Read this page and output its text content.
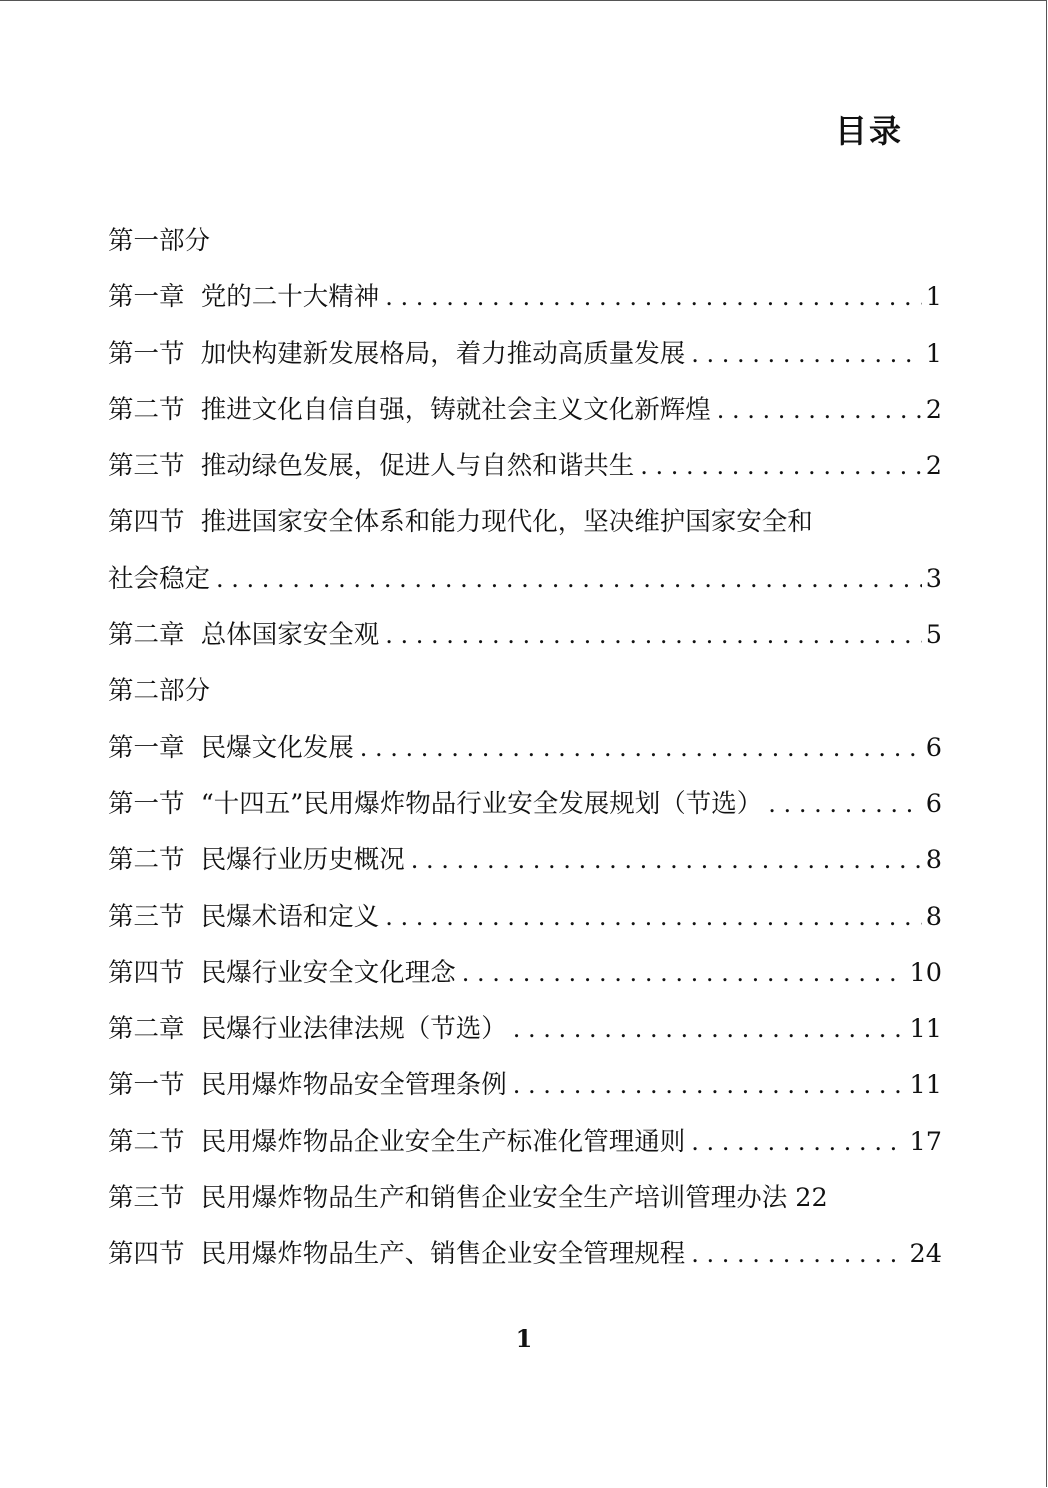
目录
第一部分
第一章  党的二十大精神 . . .	1
第一节  加快构建新发展格局，着力推动高质量发展 . . .	1
第二节  推进文化自信自强，铸就社会主义文化新辉煌 . . .	2
第三节  推动绿色发展，促进人与自然和谐共生 . . .	2
第四节  推进国家安全体系和能力现代化，坚决维护国家安全和
社会稳定 . . .	3
第二章  总体国家安全观 . . .	5
第二部分
第一章  民爆文化发展 . . .	6
第一节  “十四五”民用爆炸物品行业安全发展规划（节选） . . .	6
第二节  民爆行业历史概况 . . .	8
第三节  民爆术语和定义 . . .	8
第四节  民爆行业安全文化理念 . . .	10
第二章  民爆行业法律法规（节选） . . .	11
第一节  民用爆炸物品安全管理条例 . . .	11
第二节  民用爆炸物品企业安全生产标准化管理通则 . . .	17
第三节  民用爆炸物品生产和销售企业安全生产培训管理办法 22
第四节  民用爆炸物品生产、销售企业安全管理规程 . . .	24
1
